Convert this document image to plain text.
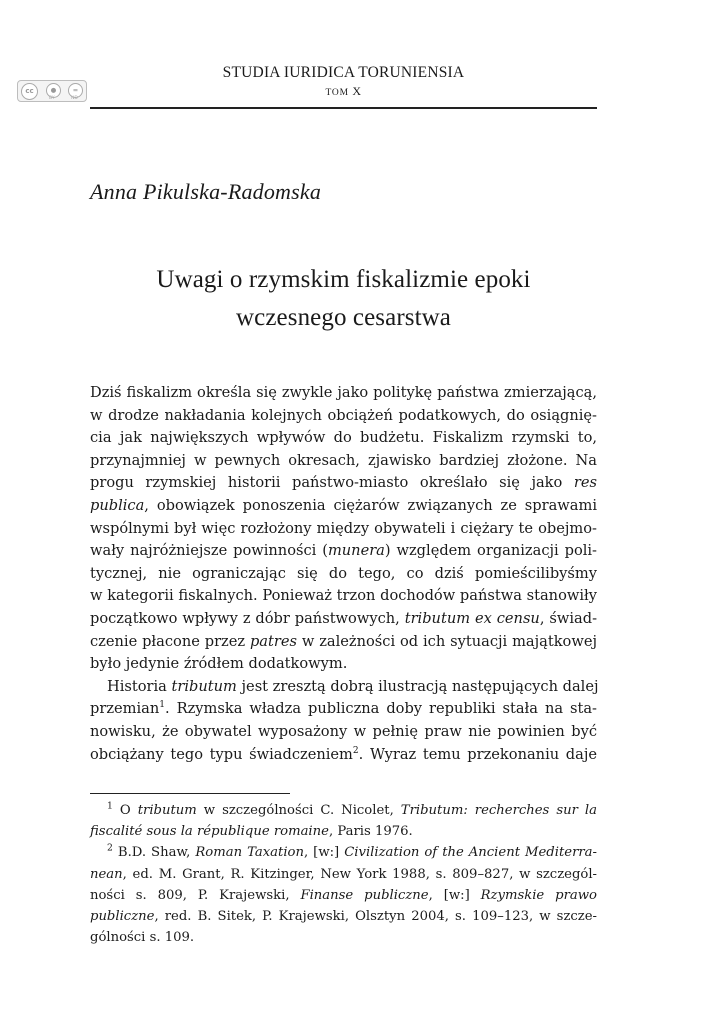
STUDIA IURIDICA TORUNIENSIA
TOM X
cc	●	=
BY	ND
Anna Pikulska-Radomska
Uwagi o rzymskim fiskalizmie epoki
wczesnego cesarstwa
Dziś fiskalizm określa się zwykle jako politykę państwa zmierzającą,
w drodze nakładania kolejnych obciążeń podatkowych, do osiągnię-
cia jak największych wpływów do budżetu. Fiskalizm rzymski to,
przynajmniej w pewnych okresach, zjawisko bardziej złożone. Na
progu rzymskiej historii państwo-miasto określało się jako res
publica, obowiązek ponoszenia ciężarów związanych ze sprawami
wspólnymi był więc rozłożony między obywateli i ciężary te obejmo-
wały najróżniejsze powinności (munera) względem organizacji poli-
tycznej, nie ograniczając się do tego, co dziś pomieścilibyśmy
w kategorii fiskalnych. Ponieważ trzon dochodów państwa stanowiły
początkowo wpływy z dóbr państwowych, tributum ex censu, świad-
czenie płacone przez patres w zależności od ich sytuacji majątkowej
było jedynie źródłem dodatkowym.
Historia tributum jest zresztą dobrą ilustracją następujących dalej
przemian$^1$. Rzymska władza publiczna doby republiki stała na sta-
nowisku, że obywatel wyposażony w pełnię praw nie powinien być
obciążany tego typu świadczeniem$^2$. Wyraz temu przekonaniu daje
$^1$ O tributum w szczególności C. Nicolet, Tributum: recherches sur la
fiscalité sous la république romaine, Paris 1976.
$^2$ B.D. Shaw, Roman Taxation, [w:] Civilization of the Ancient Mediterra-
nean, ed. M. Grant, R. Kitzinger, New York 1988, s. 809–827, w szczegól-
ności s. 809, P. Krajewski, Finanse publiczne, [w:] Rzymskie prawo
publiczne, red. B. Sitek, P. Krajewski, Olsztyn 2004, s. 109–123, w szcze-
gólności s. 109.
